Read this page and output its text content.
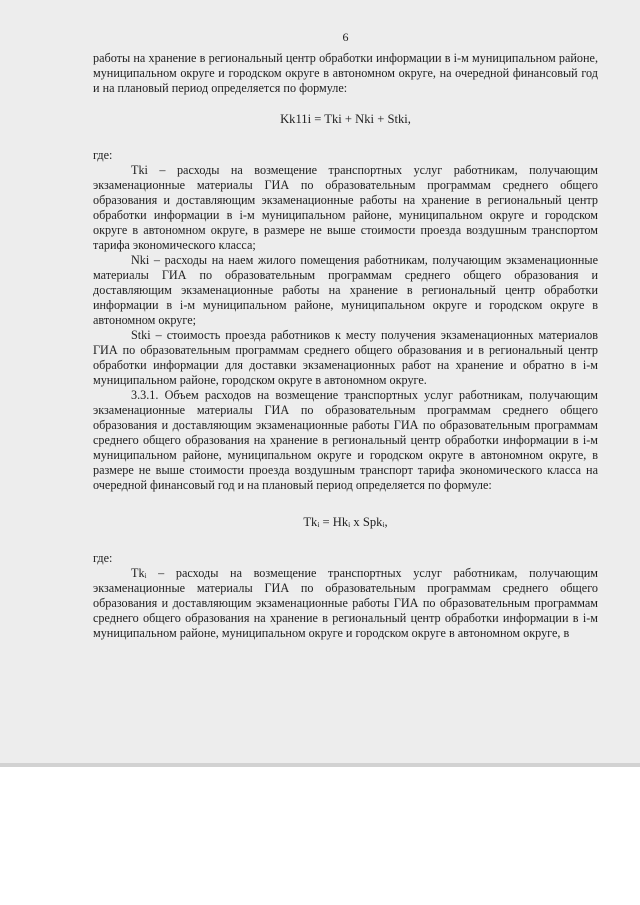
6

работы на хранение в региональный центр обработки информации в i-м муниципальном районе, муниципальном округе и городском округе в автономном округе, на очередной финансовый год и на плановый период определяется по формуле:

Kk11i = Tki + Nki + Stki,

где:

Tki – расходы на возмещение транспортных услуг работникам, получающим экзаменационные материалы ГИА по образовательным программам среднего общего образования и доставляющим экзаменационные работы на хранение в региональный центр обработки информации в i-м муниципальном районе, муниципальном округе и городском округе в автономном округе, в размере не выше стоимости проезда воздушным транспортом тарифа экономического класса;

Nki – расходы на наем жилого помещения работникам, получающим экзаменационные материалы ГИА по образовательным программам среднего общего образования и доставляющим экзаменационные работы на хранение в региональный центр обработки информации в i-м муниципальном районе, муниципальном округе и городском округе в автономном округе;

Stki – стоимость проезда работников к месту получения экзаменационных материалов ГИА по образовательным программам среднего общего образования и в региональный центр обработки информации для доставки экзаменационных работ на хранение и обратно в i-м муниципальном районе, городском округе в автономном округе.

3.3.1. Объем расходов на возмещение транспортных услуг работникам, получающим экзаменационные материалы ГИА по образовательным программам среднего общего образования и доставляющим экзаменационные работы ГИА по образовательным программам среднего общего образования на хранение в региональный центр обработки информации в i-м муниципальном районе, муниципальном округе и городском округе в автономном округе, в размере не выше стоимости проезда воздушным транспорт тарифа экономического класса на очередной финансовый год и на плановый период определяется по формуле:

Tkᵢ = Hkᵢ x Spkᵢ,

где:

Tkᵢ – расходы на возмещение транспортных услуг работникам, получающим экзаменационные материалы ГИА по образовательным программам среднего общего образования и доставляющим экзаменационные работы ГИА по образовательным программам среднего общего образования на хранение в региональный центр обработки информации в i-м муниципальном районе, муниципальном округе и городском округе в автономном округе, в
